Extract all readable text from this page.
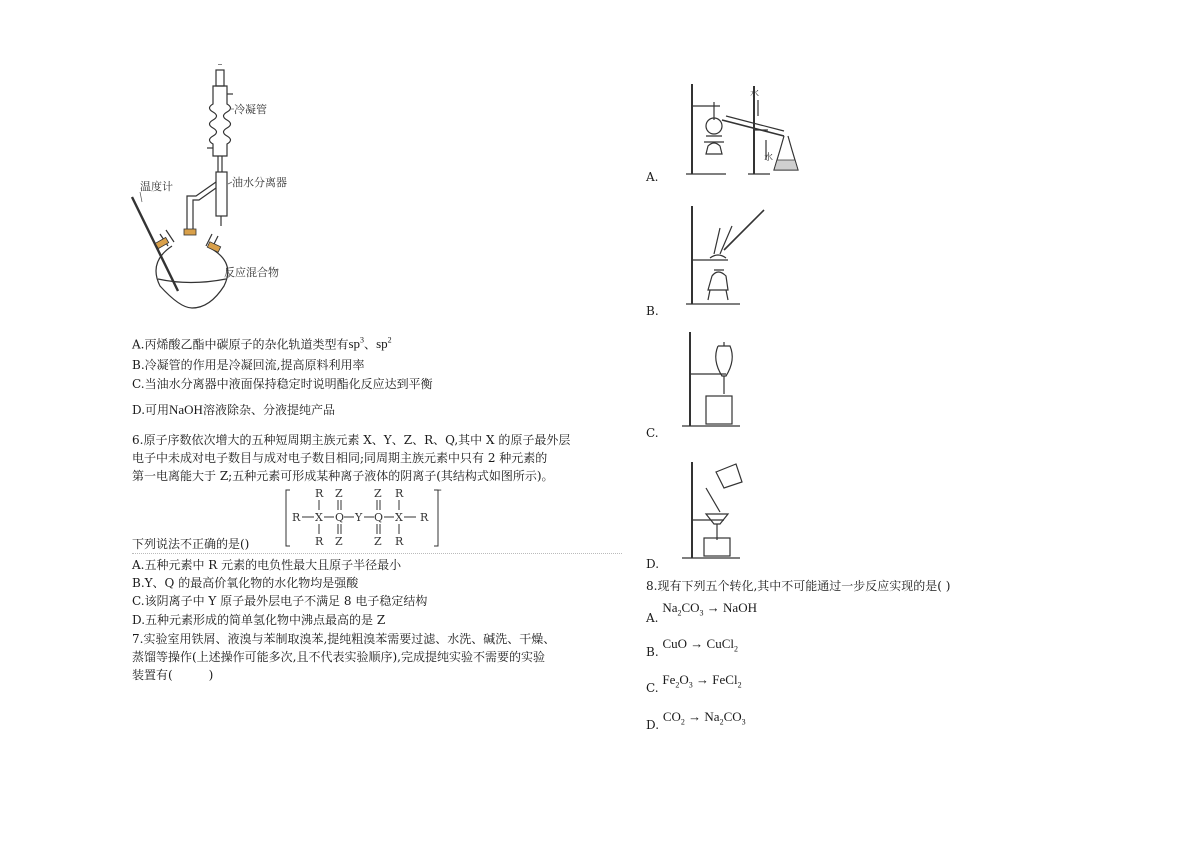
冷凝管
油水分离器
温度计
反应混合物
A.丙烯酸乙酯中碳原子的杂化轨道类型有$sp^3$、$sp^2$
B.冷凝管的作用是冷凝回流,提高原料利用率
C.当油水分离器中液面保持稳定时说明酯化反应达到平衡
D.可用NaOH溶液除杂、分液提纯产品
6.原子序数依次增大的五种短周期主族元素 X、Y、Z、R、Q,其中 X 的原子最外层
电子中未成对电子数目与成对电子数目相同;同周期主族元素中只有 2 种元素的
第一电离能大于 Z;五种元素可形成某种离子液体的阴离子(其结构式如图所示)。
-
R Z	Z R
R X Q Y Q X R
R Z	Z R
下列说法不正确的是()
A.五种元素中 R 元素的电负性最大且原子半径最小
B.Y、Q 的最高价氧化物的水化物均是强酸
C.该阴离子中 Y 原子最外层电子不满足 8 电子稳定结构
D.五种元素形成的简单氢化物中沸点最高的是 Z
7.实验室用铁屑、液溴与苯制取溴苯,提纯粗溴苯需要过滤、水洗、碱洗、干燥、
蒸馏等操作(上述操作可能多次,且不代表实验顺序),完成提纯实验不需要的实验
装置有(　　　)
水
水
A.
B.
C.
D.
8.现有下列五个转化,其中不可能通过一步反应实现的是( )
A. $Na_2CO_3$ → NaOH
B. CuO → CuCl$_2$
C. $Fe_2O_3$ → FeCl$_2$
D. $CO_2 \to Na_2CO_3$
